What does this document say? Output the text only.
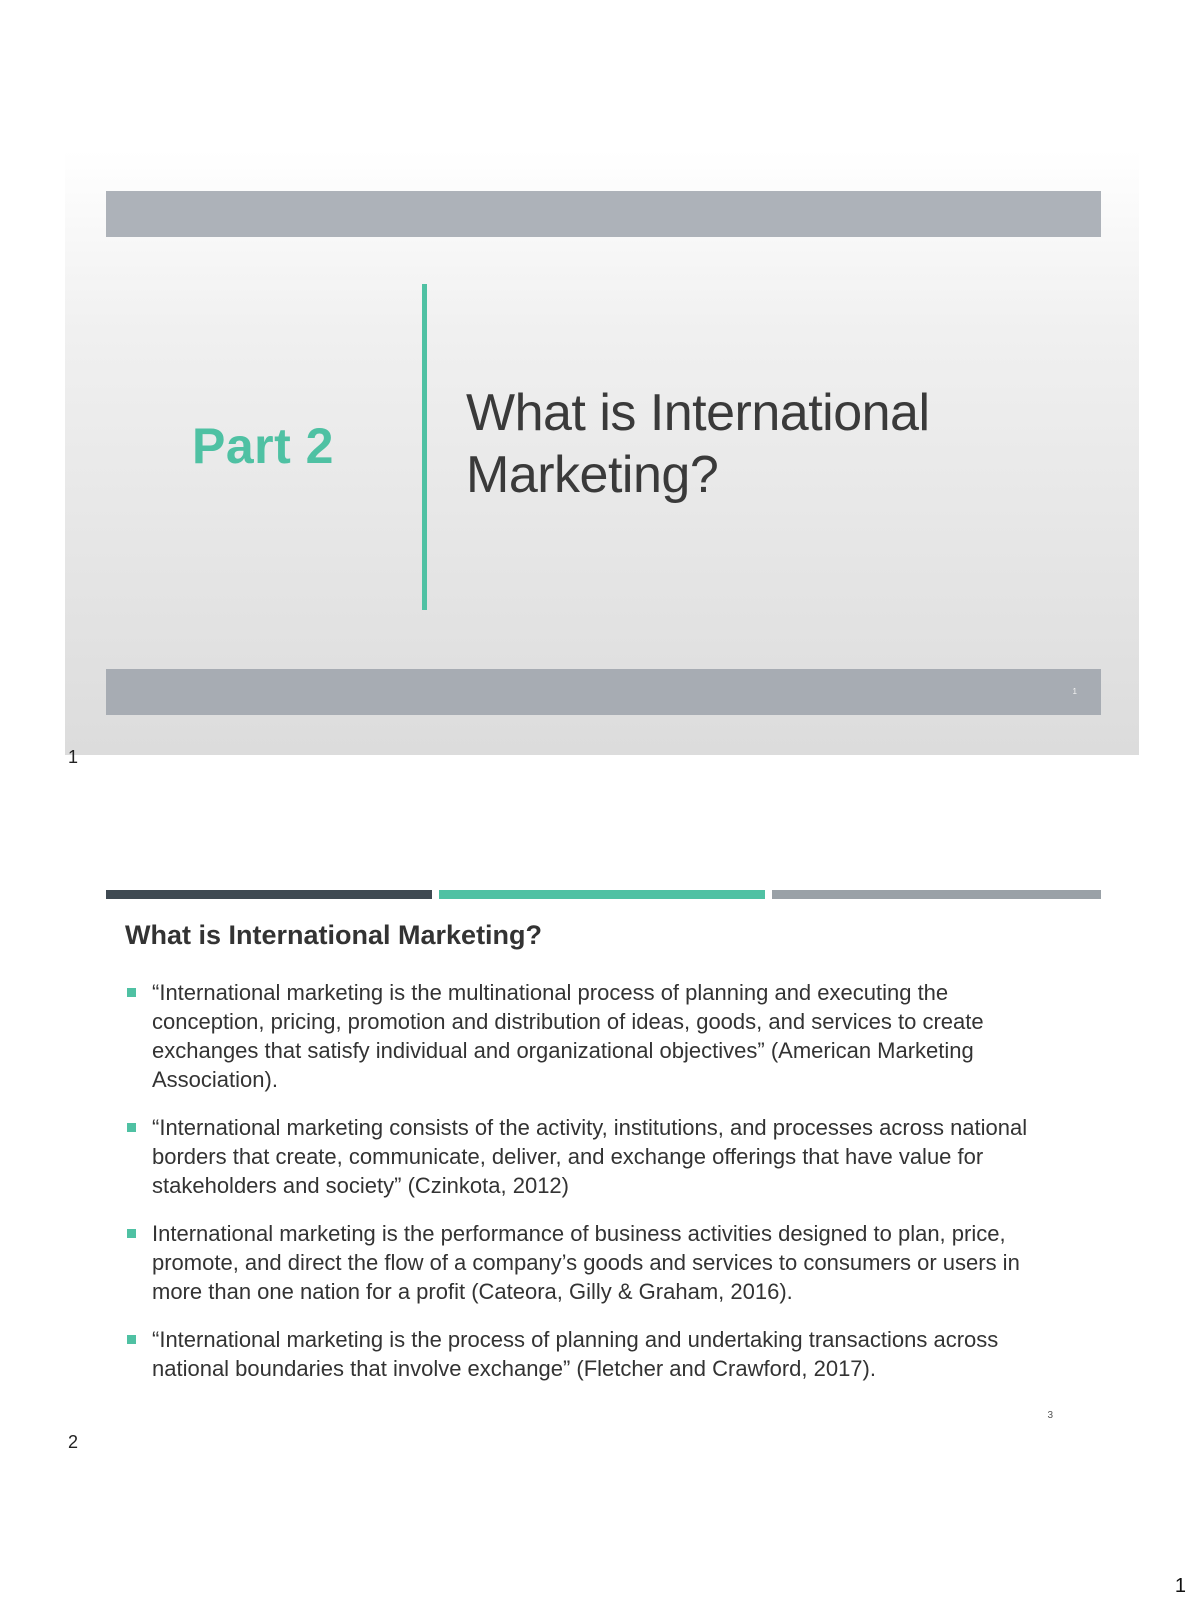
Part 2
What is International Marketing?
1
1
What is International Marketing?
“International marketing is the multinational process of planning and executing the conception, pricing, promotion and distribution of ideas, goods, and services to create exchanges that satisfy individual and organizational objectives” (American Marketing Association).
“International marketing consists of the activity, institutions, and processes across national borders that create, communicate, deliver, and exchange offerings that have value for stakeholders and society” (Czinkota, 2012)
International marketing is the performance of business activities designed to plan, price, promote, and direct the flow of a company’s goods and services to consumers or users in more than one nation for a profit (Cateora, Gilly & Graham, 2016).
“International marketing is the process of planning and undertaking transactions across national boundaries that involve exchange” (Fletcher and Crawford, 2017).
3
2
1
